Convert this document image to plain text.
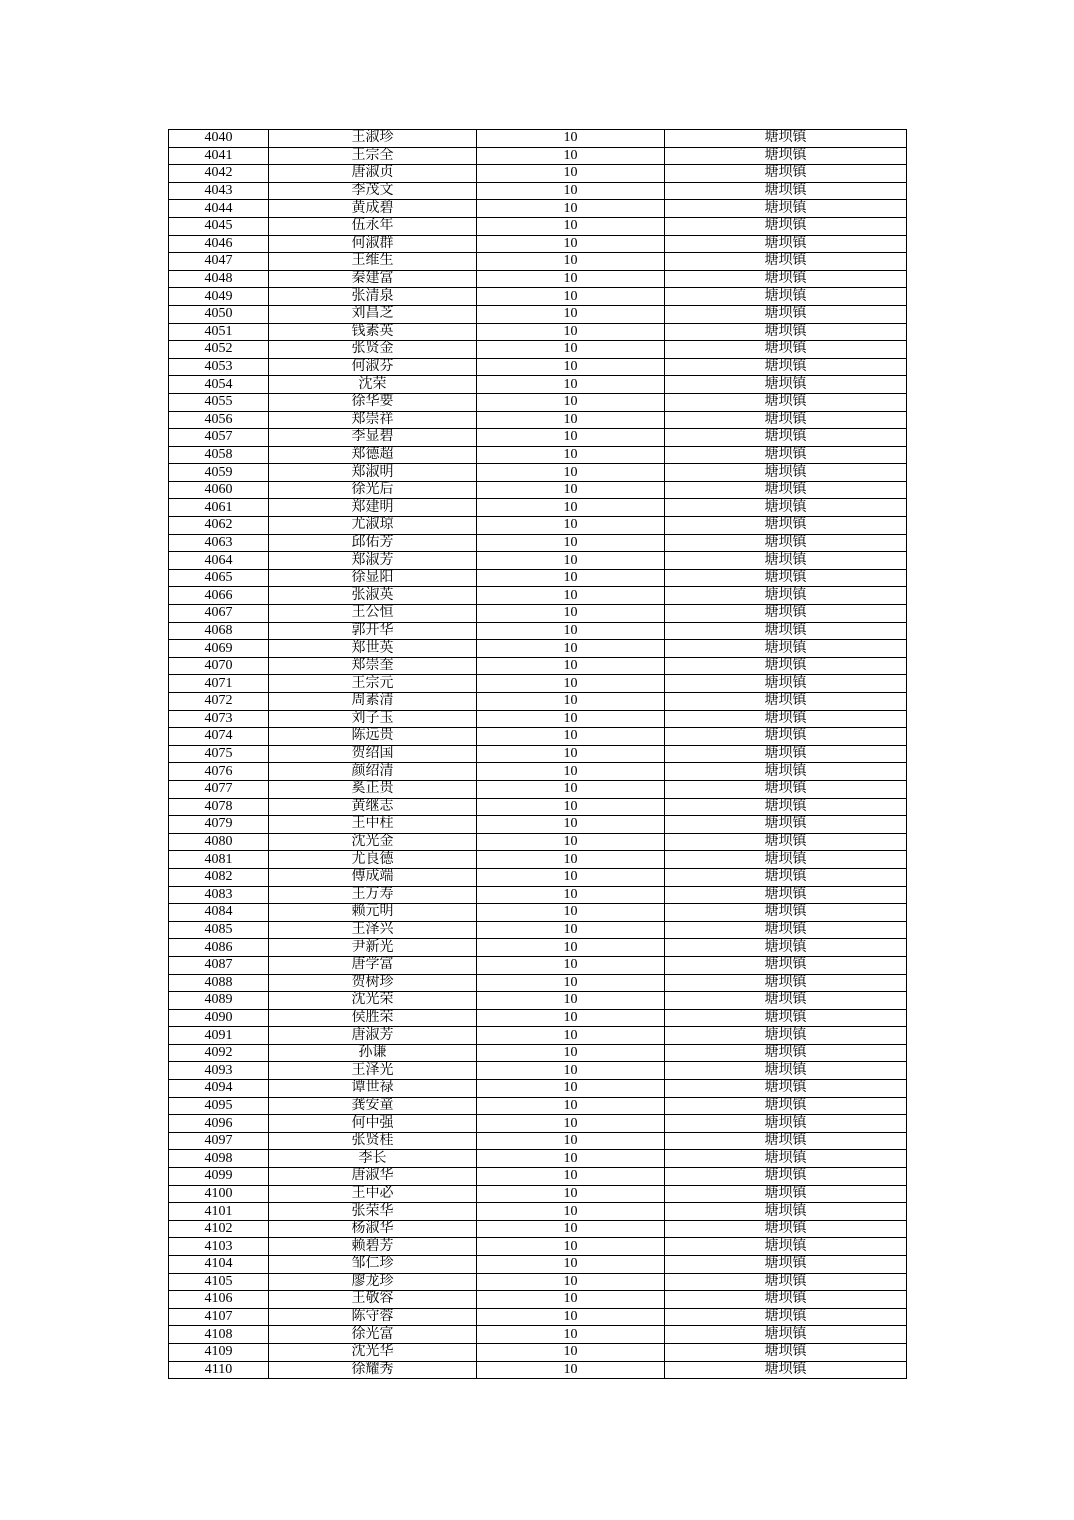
4040	王淑珍	10	塘坝镇
4041	王宗全	10	塘坝镇
4042	唐淑贞	10	塘坝镇
4043	李茂文	10	塘坝镇
4044	黄成碧	10	塘坝镇
4045	伍永年	10	塘坝镇
4046	何淑群	10	塘坝镇
4047	王维生	10	塘坝镇
4048	秦建富	10	塘坝镇
4049	张清泉	10	塘坝镇
4050	刘昌芝	10	塘坝镇
4051	钱素英	10	塘坝镇
4052	张贤金	10	塘坝镇
4053	何淑芬	10	塘坝镇
4054	沈荣	10	塘坝镇
4055	徐华要	10	塘坝镇
4056	郑崇祥	10	塘坝镇
4057	李显碧	10	塘坝镇
4058	郑德超	10	塘坝镇
4059	郑淑明	10	塘坝镇
4060	徐光后	10	塘坝镇
4061	郑建明	10	塘坝镇
4062	尤淑琼	10	塘坝镇
4063	邱佑芳	10	塘坝镇
4064	郑淑芳	10	塘坝镇
4065	徐显阳	10	塘坝镇
4066	张淑英	10	塘坝镇
4067	王公恒	10	塘坝镇
4068	郭开华	10	塘坝镇
4069	郑世英	10	塘坝镇
4070	郑崇奎	10	塘坝镇
4071	王宗元	10	塘坝镇
4072	周素清	10	塘坝镇
4073	刘子玉	10	塘坝镇
4074	陈远贵	10	塘坝镇
4075	贺绍国	10	塘坝镇
4076	颜绍清	10	塘坝镇
4077	奚正贵	10	塘坝镇
4078	黄继志	10	塘坝镇
4079	王中柱	10	塘坝镇
4080	沈光金	10	塘坝镇
4081	尤良德	10	塘坝镇
4082	傅成端	10	塘坝镇
4083	王万寿	10	塘坝镇
4084	赖元明	10	塘坝镇
4085	王泽兴	10	塘坝镇
4086	尹新光	10	塘坝镇
4087	唐学富	10	塘坝镇
4088	贺树珍	10	塘坝镇
4089	沈光荣	10	塘坝镇
4090	侯胜荣	10	塘坝镇
4091	唐淑芳	10	塘坝镇
4092	孙谦	10	塘坝镇
4093	王泽光	10	塘坝镇
4094	谭世禄	10	塘坝镇
4095	龚安童	10	塘坝镇
4096	何中强	10	塘坝镇
4097	张贤桂	10	塘坝镇
4098	李长	10	塘坝镇
4099	唐淑华	10	塘坝镇
4100	王中必	10	塘坝镇
4101	张荣华	10	塘坝镇
4102	杨淑华	10	塘坝镇
4103	赖碧芳	10	塘坝镇
4104	邹仁珍	10	塘坝镇
4105	廖龙珍	10	塘坝镇
4106	王敬容	10	塘坝镇
4107	陈守蓉	10	塘坝镇
4108	徐光富	10	塘坝镇
4109	沈光华	10	塘坝镇
4110	徐耀秀	10	塘坝镇
